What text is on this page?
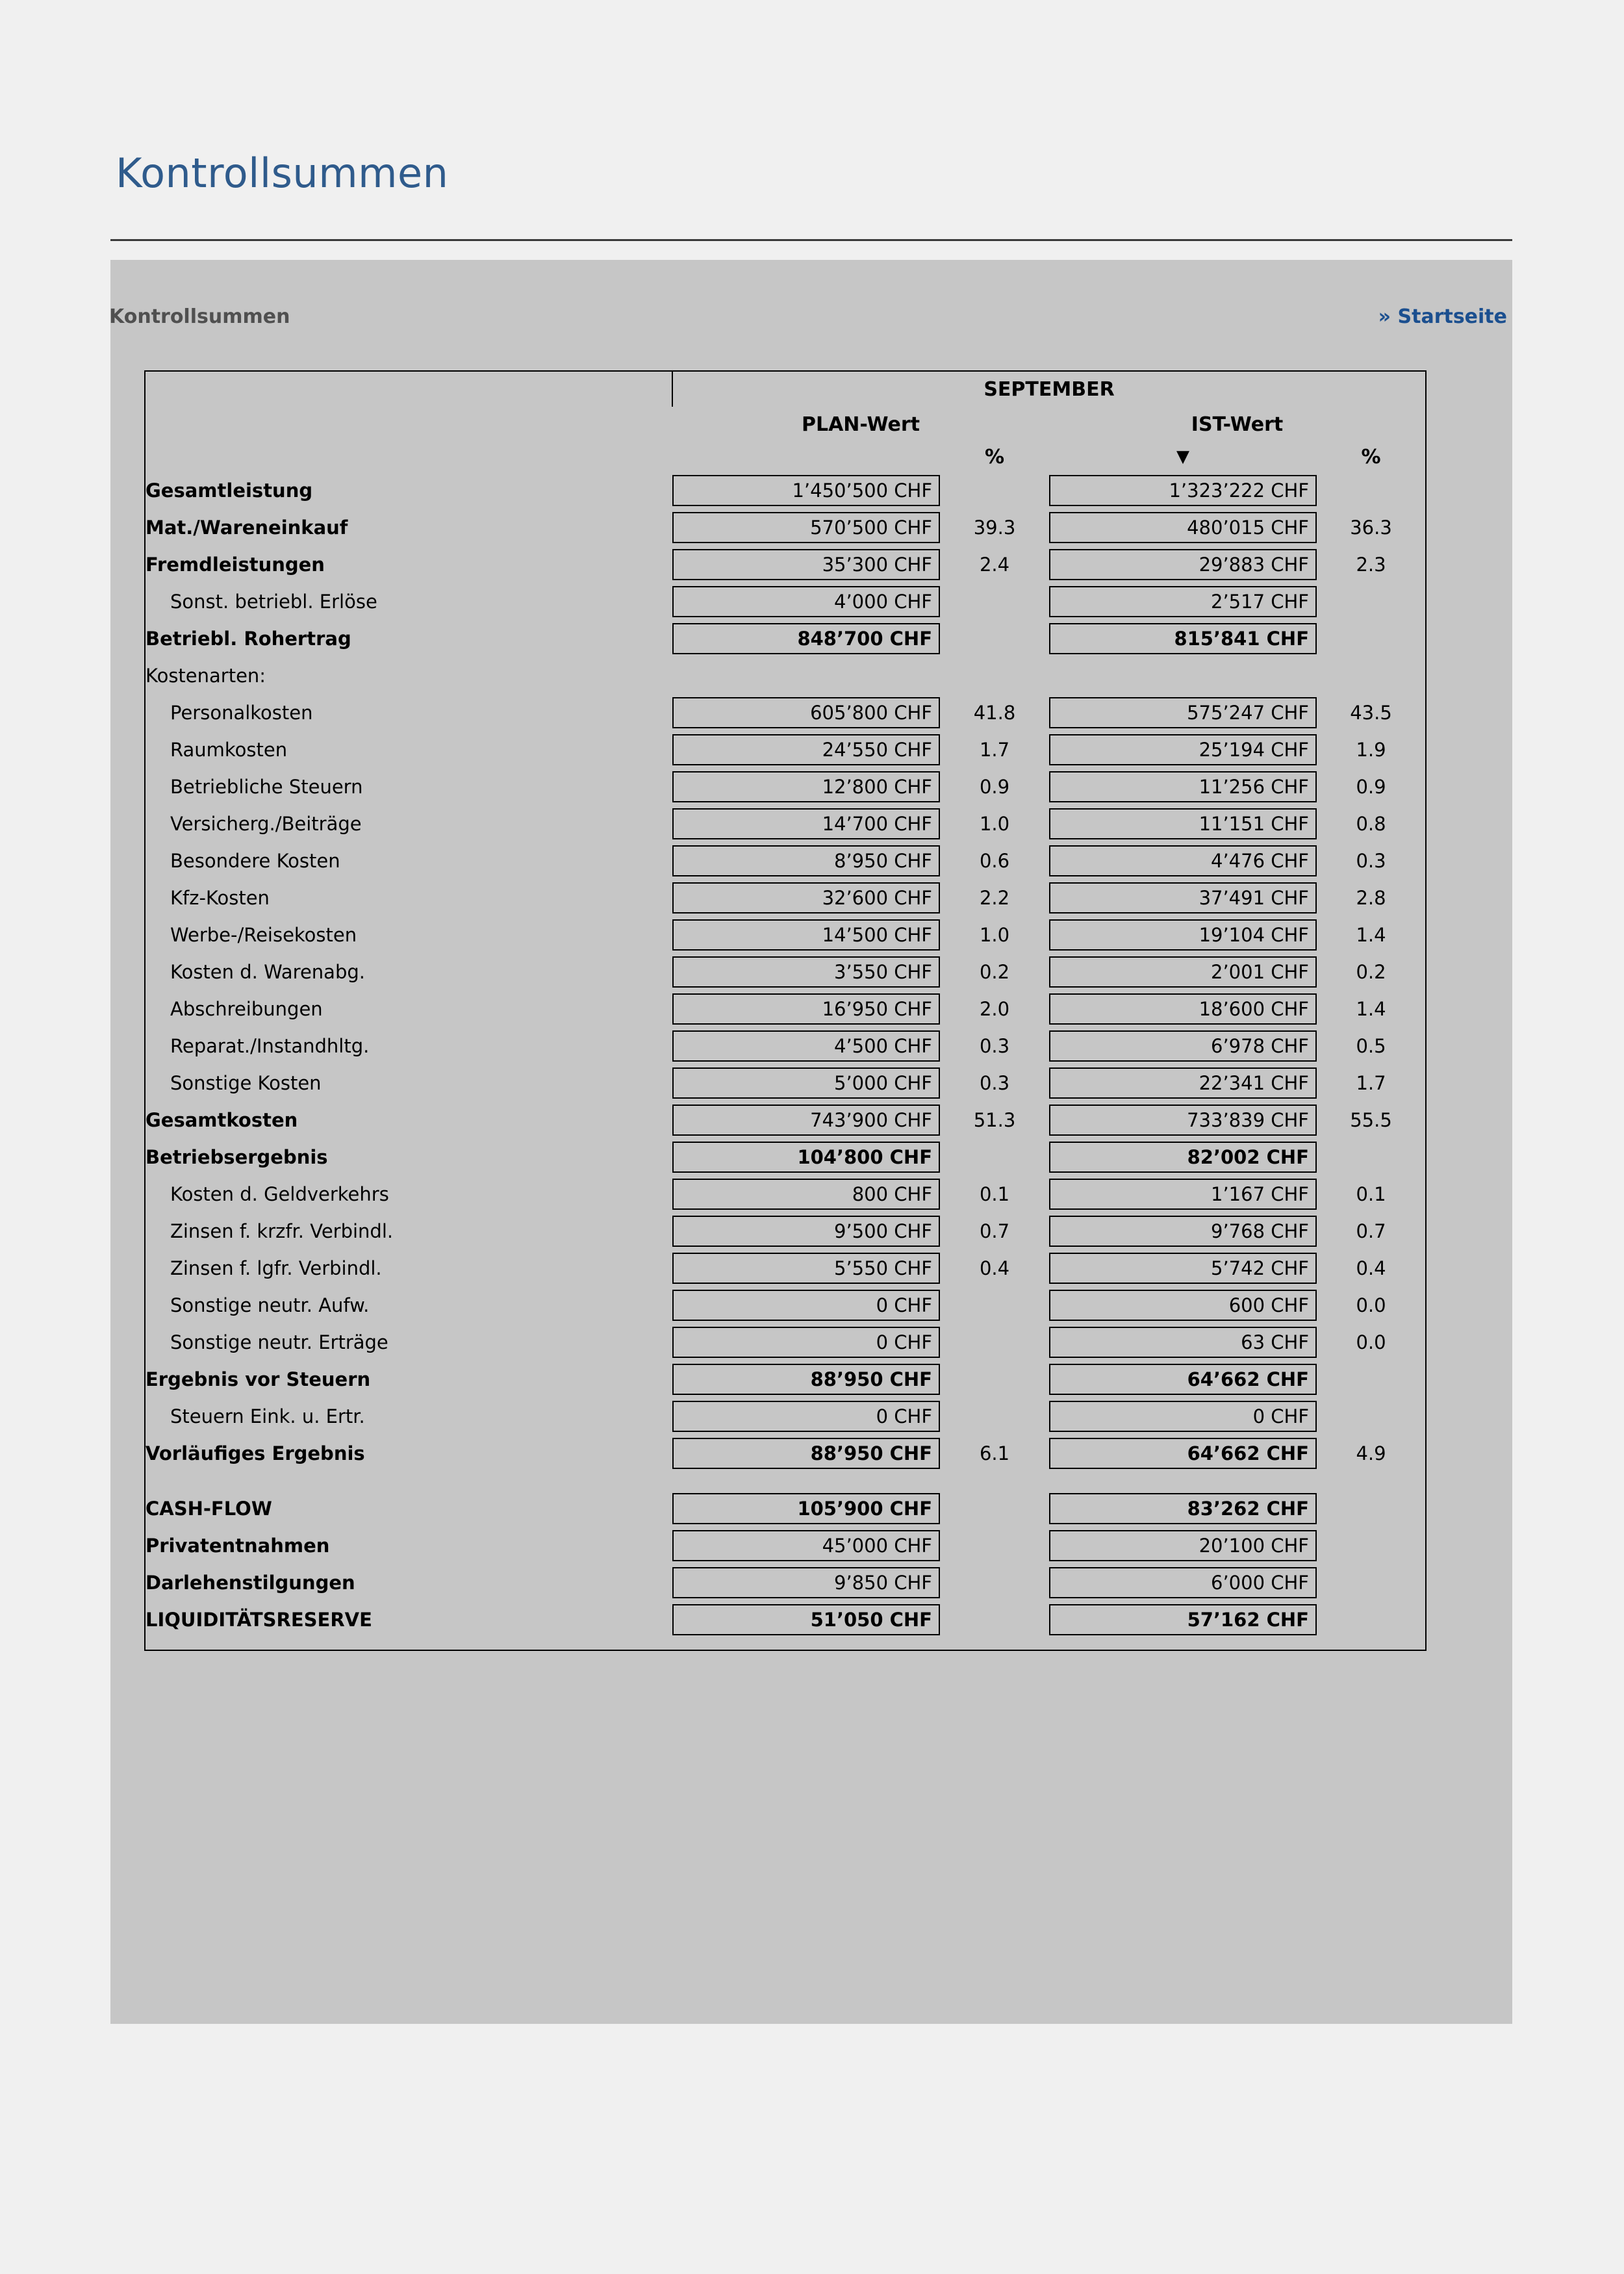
Kontrollsummen
Kontrollsummen	» Startseite
	SEPTEMBER			
	PLAN-Wert		IST-Wert	
		%	▼	%
Gesamtleistung	1’450’500 CHF		1’323’222 CHF	

Mat./Wareneinkauf	570’500 CHF	39.3	480’015 CHF	36.3
Fremdleistungen	35’300 CHF	2.4	29’883 CHF	2.3
Sonst. betriebl. Erlöse	4’000 CHF		2’517 CHF	

Betriebl. Rohertrag	848’700 CHF		815’841 CHF	

Kostenarten:				
Personalkosten	605’800 CHF	41.8	575’247 CHF	43.5
Raumkosten	24’550 CHF	1.7	25’194 CHF	1.9
Betriebliche Steuern	12’800 CHF	0.9	11’256 CHF	0.9
Versicherg./Beiträge	14’700 CHF	1.0	11’151 CHF	0.8
Besondere Kosten	8’950 CHF	0.6	4’476 CHF	0.3
Kfz-Kosten	32’600 CHF	2.2	37’491 CHF	2.8
Werbe-/Reisekosten	14’500 CHF	1.0	19’104 CHF	1.4
Kosten d. Warenabg.	3’550 CHF	0.2	2’001 CHF	0.2
Abschreibungen	16’950 CHF	2.0	18’600 CHF	1.4
Reparat./Instandhltg.	4’500 CHF	0.3	6’978 CHF	0.5
Sonstige Kosten	5’000 CHF	0.3	22’341 CHF	1.7
Gesamtkosten	743’900 CHF	51.3	733’839 CHF	55.5
Betriebsergebnis	104’800 CHF		82’002 CHF	

Kosten d. Geldverkehrs	800 CHF	0.1	1’167 CHF	0.1
Zinsen f. krzfr. Verbindl.	9’500 CHF	0.7	9’768 CHF	0.7
Zinsen f. lgfr. Verbindl.	5’550 CHF	0.4	5’742 CHF	0.4
Sonstige neutr. Aufw.	0 CHF		600 CHF	0.0
Sonstige neutr. Erträge	0 CHF		63 CHF	0.0
Ergebnis vor Steuern	88’950 CHF		64’662 CHF	

Steuern Eink. u. Ertr.	0 CHF		0 CHF	

Vorläufiges Ergebnis	88’950 CHF	6.1	64’662 CHF	4.9

CASH-FLOW	105’900 CHF		83’262 CHF	

Privatentnahmen	45’000 CHF		20’100 CHF	

Darlehenstilgungen	9’850 CHF		6’000 CHF	

LIQUIDITÄTSRESERVE	51’050 CHF		57’162 CHF	
